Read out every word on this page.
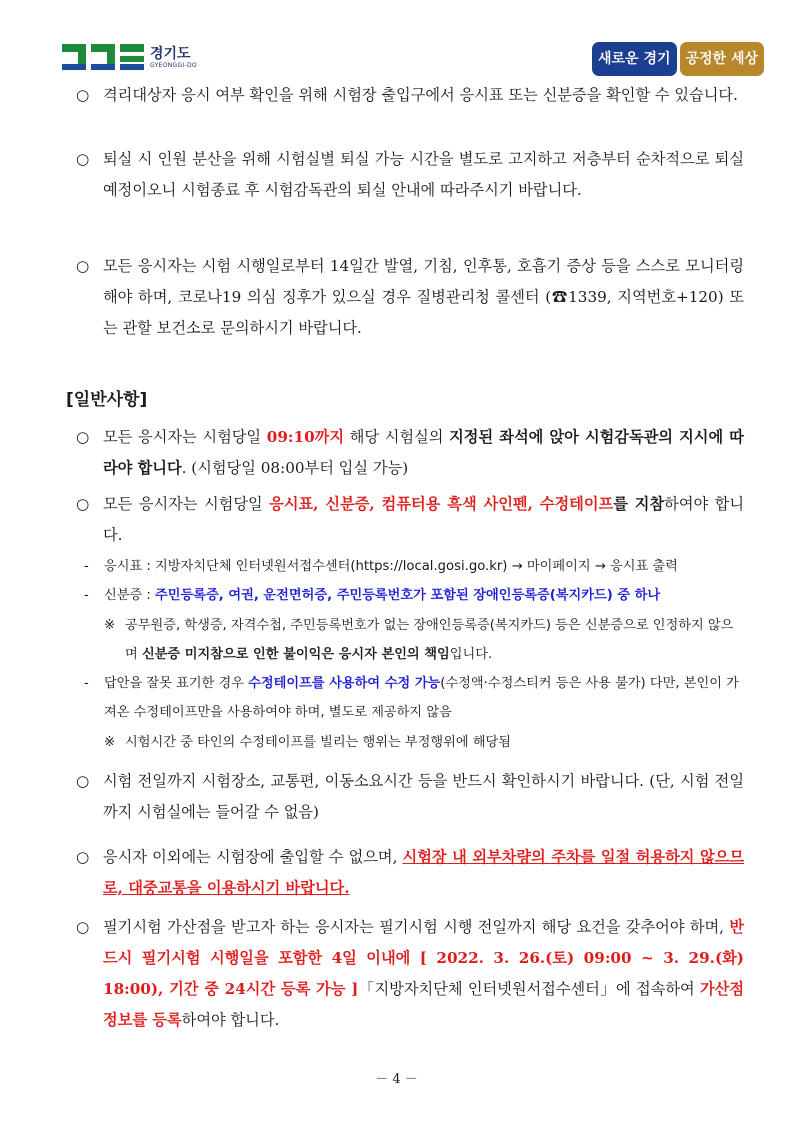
경기도
GYEONGGI-DO	새로운 경기	공정한 세상
○ 격리대상자 응시 여부 확인을 위해 시험장 출입구에서 응시표 또는 신분증을 확인할 수 있습니다.
○ 퇴실 시 인원 분산을 위해 시험실별 퇴실 가능 시간을 별도로 고지하고 저층부터 순차적으로 퇴실 예정이오니 시험종료 후 시험감독관의 퇴실 안내에 따라주시기 바랍니다.
○ 모든 응시자는 시험 시행일로부터 14일간 발열, 기침, 인후통, 호흡기 증상 등을 스스로 모니터링해야 하며, 코로나19 의심 징후가 있으실 경우 질병관리청 콜센터 (☎1339, 지역번호+120) 또는 관할 보건소로 문의하시기 바랍니다.
[일반사항]
○ 모든 응시자는 시험당일 09:10까지 해당 시험실의 지정된 좌석에 앉아 시험감독관의 지시에 따라야 합니다. (시험당일 08:00부터 입실 가능)
○ 모든 응시자는 시험당일 응시표, 신분증, 컴퓨터용 흑색 사인펜, 수정테이프를 지참하여야 합니다.
- 응시표 : 지방자치단체 인터넷원서접수센터(https://local.gosi.go.kr) → 마이페이지 → 응시표 출력
- 신분증 : 주민등록증, 여권, 운전면허증, 주민등록번호가 포함된 장애인등록증(복지카드) 중 하나
※ 공무원증, 학생증, 자격수첩, 주민등록번호가 없는 장애인등록증(복지카드) 등은 신분증으로 인정하지 않으며 신분증 미지참으로 인한 불이익은 응시자 본인의 책임입니다.
- 답안을 잘못 표기한 경우 수정테이프를 사용하여 수정 가능(수정액·수정스티커 등은 사용 불가) 다만, 본인이 가져온 수정테이프만을 사용하여야 하며, 별도로 제공하지 않음
※ 시험시간 중 타인의 수정테이프를 빌리는 행위는 부정행위에 해당됨
○ 시험 전일까지 시험장소, 교통편, 이동소요시간 등을 반드시 확인하시기 바랍니다. (단, 시험 전일까지 시험실에는 들어갈 수 없음)
○ 응시자 이외에는 시험장에 출입할 수 없으며, 시험장 내 외부차량의 주차를 일절 허용하지 않으므로, 대중교통을 이용하시기 바랍니다.
○ 필기시험 가산점을 받고자 하는 응시자는 필기시험 시행 전일까지 해당 요건을 갖추어야 하며, 반드시 필기시험 시행일을 포함한 4일 이내에 [ 2022. 3. 26.(토) 09:00 ~ 3. 29.(화) 18:00), 기간 중 24시간 등록 가능 ]「지방자치단체 인터넷원서접수센터」에 접속하여 가산점 정보를 등록하여야 합니다.
－ 4 －
